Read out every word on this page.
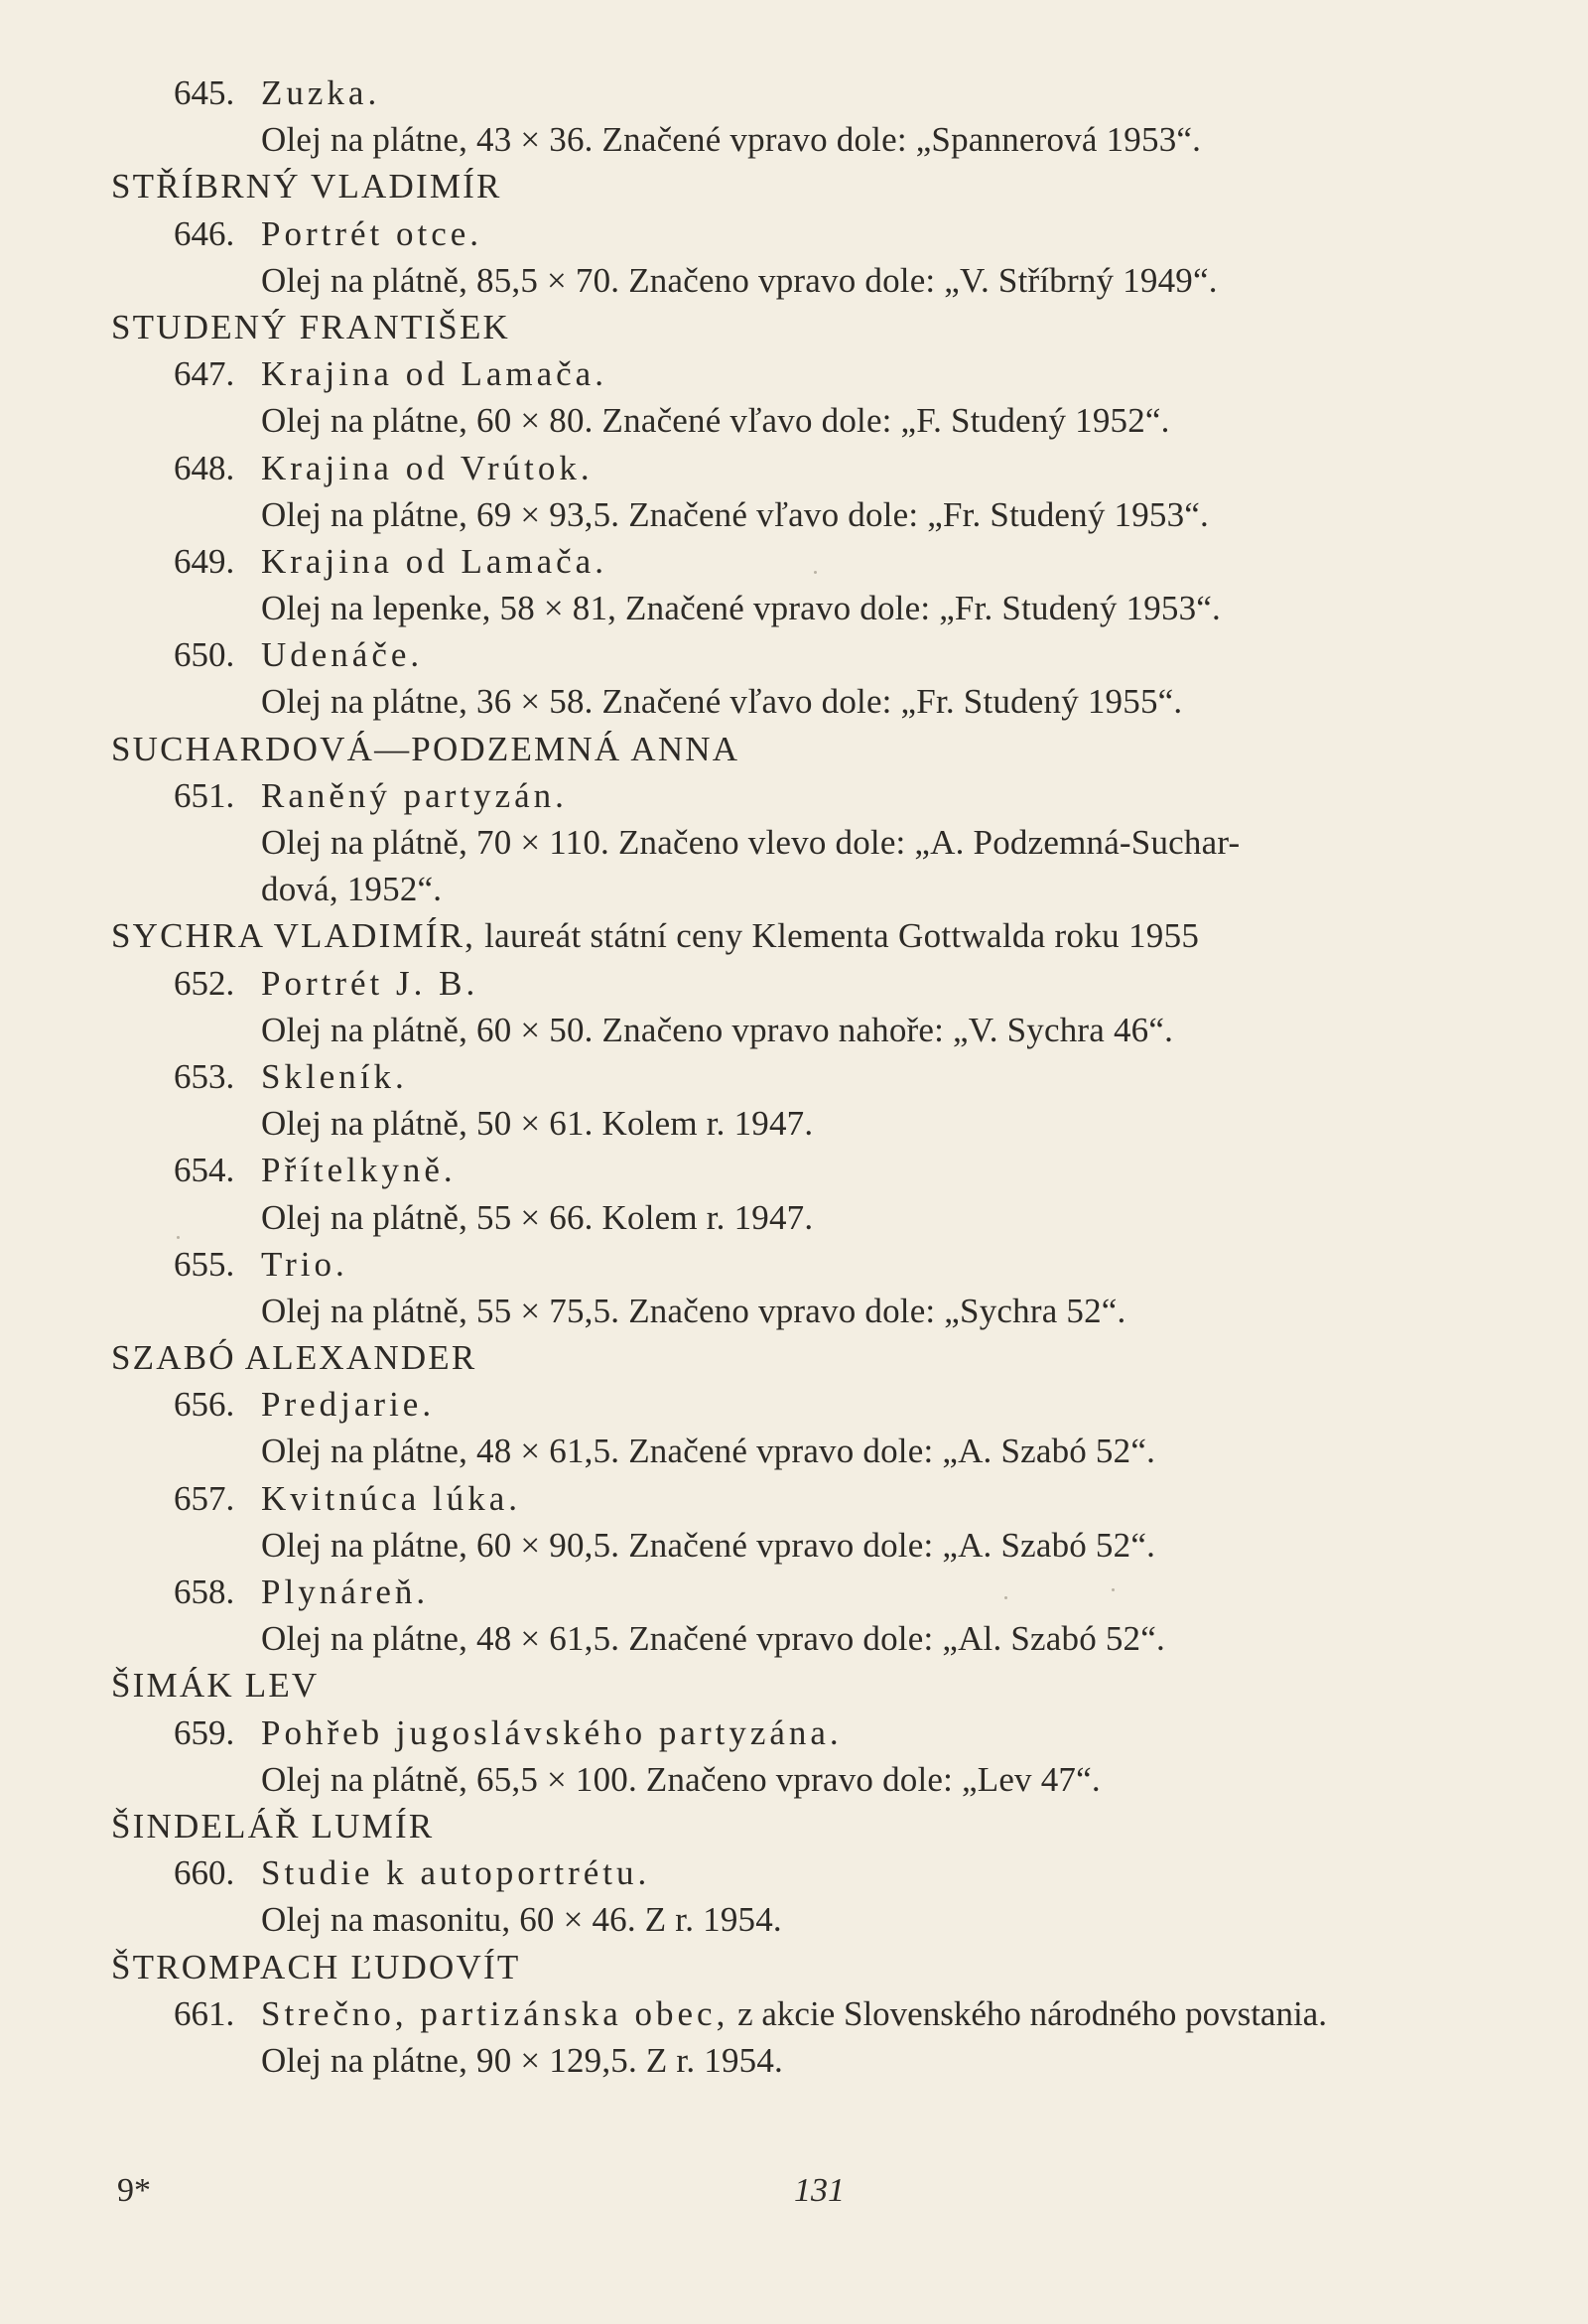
645. Zuzka.
Olej na plátne, 43 × 36. Značené vpravo dole: „Spannerová 1953“.
STŘÍBRNÝ VLADIMÍR
646. Portrét otce.
Olej na plátně, 85,5 × 70. Značeno vpravo dole: „V. Stříbrný 1949“.
STUDENÝ FRANTIŠEK
647. Krajina od Lamača.
Olej na plátne, 60 × 80. Značené vľavo dole: „F. Studený 1952“.
648. Krajina od Vrútok.
Olej na plátne, 69 × 93,5. Značené vľavo dole: „Fr. Studený 1953“.
649. Krajina od Lamača.
Olej na lepenke, 58 × 81, Značené vpravo dole: „Fr. Studený 1953“.
650. Udenáče.
Olej na plátne, 36 × 58. Značené vľavo dole: „Fr. Studený 1955“.
SUCHARDOVÁ—PODZEMNÁ ANNA
651. Raněný partyzán.
Olej na plátně, 70 × 110. Značeno vlevo dole: „A. Podzemná-Suchar-
dová, 1952“.
SYCHRA VLADIMÍR, laureát státní ceny Klementa Gottwalda roku 1955
652. Portrét J. B.
Olej na plátně, 60 × 50. Značeno vpravo nahoře: „V. Sychra 46“.
653. Skleník.
Olej na plátně, 50 × 61. Kolem r. 1947.
654. Přítelkyně.
Olej na plátně, 55 × 66. Kolem r. 1947.
655. Trio.
Olej na plátně, 55 × 75,5. Značeno vpravo dole: „Sychra 52“.
SZABÓ ALEXANDER
656. Predjarie.
Olej na plátne, 48 × 61,5. Značené vpravo dole: „A. Szabó 52“.
657. Kvitnúca lúka.
Olej na plátne, 60 × 90,5. Značené vpravo dole: „A. Szabó 52“.
658. Plynáreň.
Olej na plátne, 48 × 61,5. Značené vpravo dole: „Al. Szabó 52“.
ŠIMÁK LEV
659. Pohřeb jugoslávského partyzána.
Olej na plátně, 65,5 × 100. Značeno vpravo dole: „Lev 47“.
ŠINDELÁŘ LUMÍR
660. Studie k autoportrétu.
Olej na masonitu, 60 × 46. Z r. 1954.
ŠTROMPACH ĽUDOVÍT
661. Strečno, partizánska obec, z akcie Slovenského národného povstania.
Olej na plátne, 90 × 129,5. Z r. 1954.
9*	131
